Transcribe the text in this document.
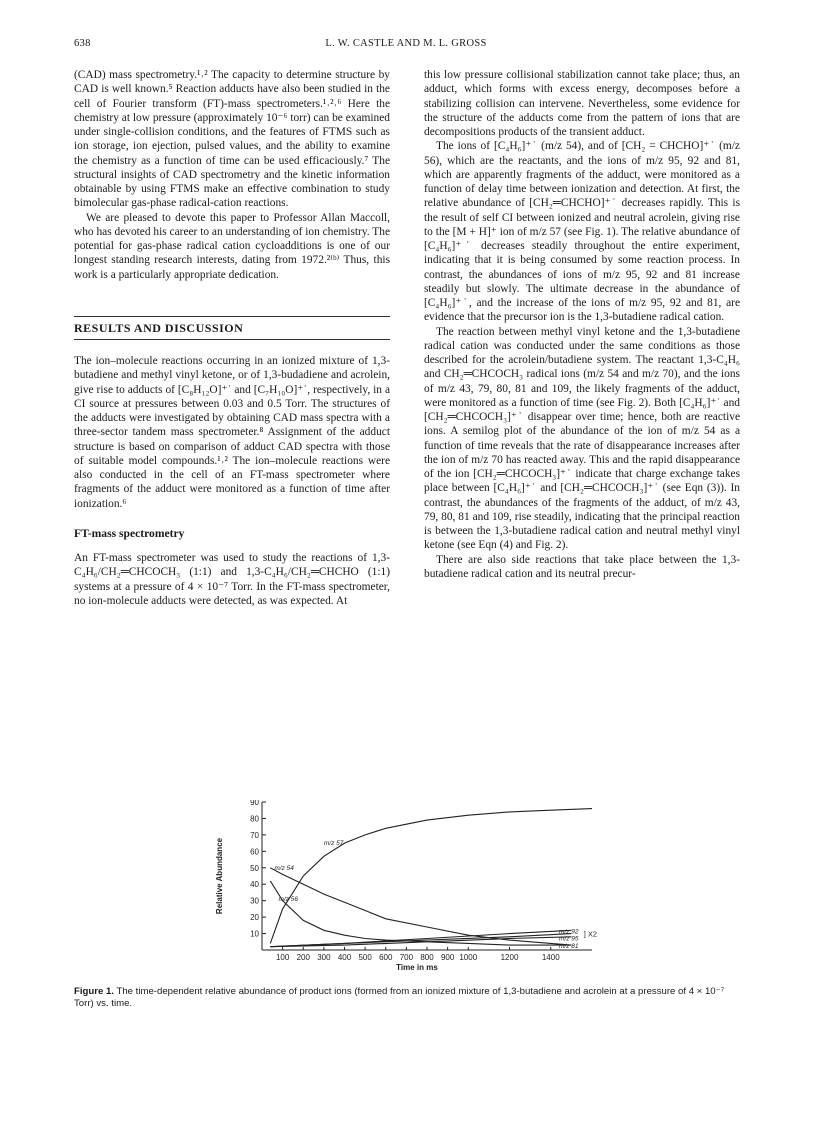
638	L. W. CASTLE AND M. L. GROSS

(CAD) mass spectrometry.¹˒² The capacity to determine structure by CAD is well known.⁵ Reaction adducts have also been studied in the cell of Fourier transform (FT)-mass spectrometers.¹˒²˒⁶ Here the chemistry at low pressure (approximately 10⁻⁶ torr) can be examined under single-collision conditions, and the features of FTMS such as ion storage, ion ejection, pulsed values, and the ability to examine the chemistry as a function of time can be used efficaciously.⁷ The structural insights of CAD spectrometry and the kinetic information obtainable by using FTMS make an effective combination to study bimolecular gas-phase radical-cation reactions.

We are pleased to devote this paper to Professor Allan Maccoll, who has devoted his career to an understanding of ion chemistry. The potential for gas-phase radical cation cycloadditions is one of our longest standing research interests, dating from 1972.²⁽ᵇ⁾ Thus, this work is a particularly appropriate dedication.

RESULTS AND DISCUSSION

The ion–molecule reactions occurring in an ionized mixture of 1,3-butadiene and methyl vinyl ketone, or of 1,3-budadiene and acrolein, give rise to adducts of [C₈H₁₂O]⁺˙ and [C₇H₁₀O]⁺˙, respectively, in a CI source at pressures between 0.03 and 0.5 Torr. The structures of the adducts were investigated by obtaining CAD mass spectra with a three-sector tandem mass spectrometer.⁸ Assignment of the adduct structure is based on comparison of adduct CAD spectra with those of suitable model compounds.¹˒² The ion–molecule reactions were also conducted in the cell of an FT-mass spectrometer where fragments of the adduct were monitored as a function of time after ionization.⁶

FT-mass spectrometry

An FT-mass spectrometer was used to study the reactions of 1,3-C₄H₆/CH₂═CHCOCH₃ (1:1) and 1,3-C₄H₆/CH₂═CHCHO (1:1) systems at a pressure of 4 × 10⁻⁷ Torr. In the FT-mass spectrometer, no ion-molecule adducts were detected, as was expected. At

this low pressure collisional stabilization cannot take place; thus, an adduct, which forms with excess energy, decomposes before a stabilizing collision can intervene. Nevertheless, some evidence for the structure of the adducts come from the pattern of ions that are decompositions products of the transient adduct.

The ions of [C₄H₆]⁺˙ (m/z 54), and of [CH₂ = CHCHO]⁺˙ (m/z 56), which are the reactants, and the ions of m/z 95, 92 and 81, which are apparently fragments of the adduct, were monitored as a function of delay time between ionization and detection. At first, the relative abundance of [CH₂═CHCHO]⁺˙ decreases rapidly. This is the result of self CI between ionized and neutral acrolein, giving rise to the [M + H]⁺ ion of m/z 57 (see Fig. 1). The relative abundance of [C₄H₆]⁺˙ decreases steadily throughout the entire experiment, indicating that it is being consumed by some reaction process. In contrast, the abundances of ions of m/z 95, 92 and 81 increase steadily but slowly. The ultimate decrease in the abundance of [C₄H₆]⁺˙, and the increase of the ions of m/z 95, 92 and 81, are evidence that the precursor ion is the 1,3-butadiene radical cation.

The reaction between methyl vinyl ketone and the 1,3-butadiene radical cation was conducted under the same conditions as those described for the acrolein/butadiene system. The reactant 1,3-C₄H₆ and CH₂═CHCOCH₃ radical ions (m/z 54 and m/z 70), and the ions of m/z 43, 79, 80, 81 and 109, the likely fragments of the adduct, were monitored as a function of time (see Fig. 2). Both [C₄H₆]⁺˙ and [CH₂═CHCOCH₃]⁺˙ disappear over time; hence, both are reactive ions. A semilog plot of the abundance of the ion of m/z 54 as a function of time reveals that the rate of disappearance increases after the ion of m/z 70 has reacted away. This and the rapid disappearance of the ion [CH₂═CHCOCH₃]⁺˙ indicate that charge exchange takes place between [C₄H₆]⁺˙ and [CH₂═CHCOCH₃]⁺˙ (see Eqn (3)). In contrast, the abundances of the fragments of the adduct, of m/z 43, 79, 80, 81 and 109, rise steadily, indicating that the principal reaction is between the 1,3-butadiene radical cation and neutral methyl vinyl ketone (see Eqn (4) and Fig. 2).

There are also side reactions that take place between the 1,3-butadiene radical cation and its neutral precur-

10
20
30
40
50
60
70
80
90
100 200 300 400 500 600 700 800 900 1000	1200	1400
Time in ms
Relative Abundance	m/z 57
m/z 54
m/z 56
m/z 92
m/z 95
m/z 81
] X2
Figure 1. The time-dependent relative abundance of product ions (formed from an ionized mixture of 1,3-butadiene and acrolein at a pressure of 4 × 10⁻⁷ Torr) vs. time.
